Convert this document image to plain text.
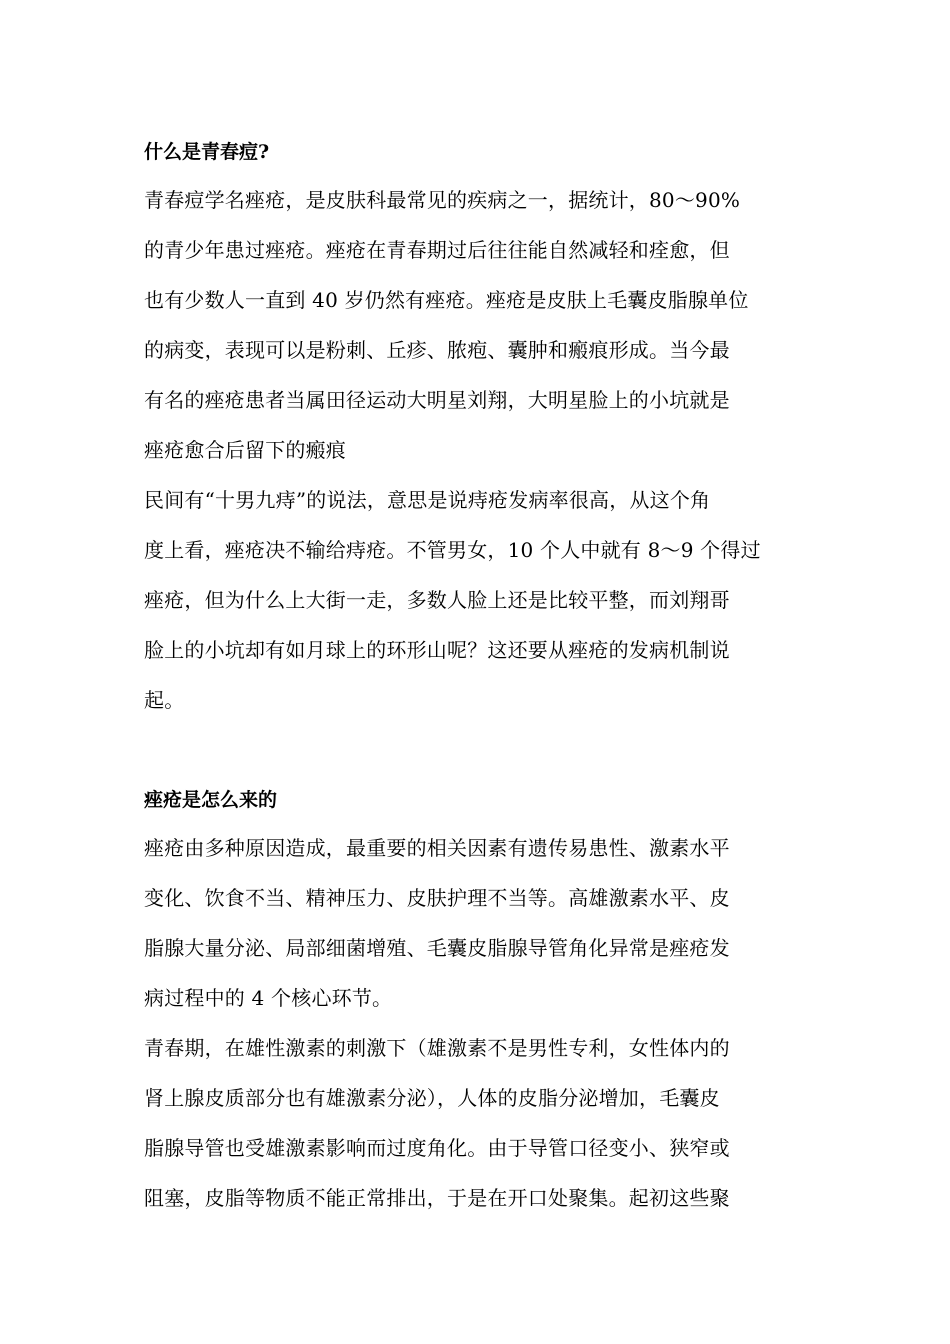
什么是青春痘?
青春痘学名痤疮，是皮肤科最常见的疾病之一，据统计，80～90%
的青少年患过痤疮。痤疮在青春期过后往往能自然减轻和痊愈，但
也有少数人一直到 40 岁仍然有痤疮。痤疮是皮肤上毛囊皮脂腺单位
的病变，表现可以是粉刺、丘疹、脓疱、囊肿和瘢痕形成。当今最
有名的痤疮患者当属田径运动大明星刘翔，大明星脸上的小坑就是
痤疮愈合后留下的瘢痕
民间有“十男九痔”的说法，意思是说痔疮发病率很高，从这个角
度上看，痤疮决不输给痔疮。不管男女，10 个人中就有 8～9 个得过
痤疮，但为什么上大街一走，多数人脸上还是比较平整，而刘翔哥
脸上的小坑却有如月球上的环形山呢？这还要从痤疮的发病机制说
起。
痤疮是怎么来的
痤疮由多种原因造成，最重要的相关因素有遗传易患性、激素水平
变化、饮食不当、精神压力、皮肤护理不当等。高雄激素水平、皮
脂腺大量分泌、局部细菌增殖、毛囊皮脂腺导管角化异常是痤疮发
病过程中的 4 个核心环节。
青春期，在雄性激素的刺激下（雄激素不是男性专利，女性体内的
肾上腺皮质部分也有雄激素分泌），人体的皮脂分泌增加，毛囊皮
脂腺导管也受雄激素影响而过度角化。由于导管口径变小、狭窄或
阻塞，皮脂等物质不能正常排出，于是在开口处聚集。起初这些聚
